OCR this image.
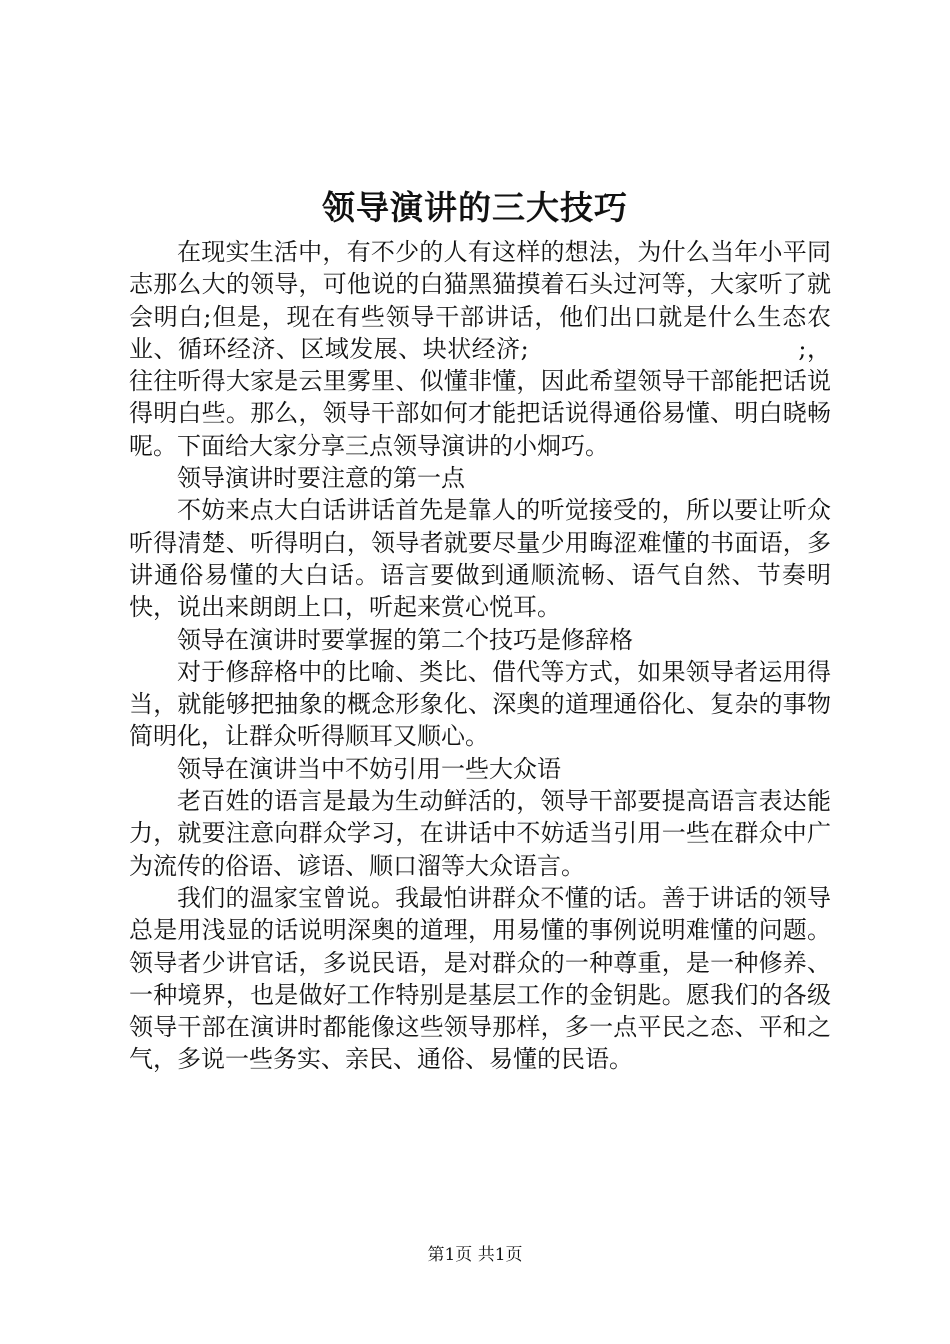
领导演讲的三大技巧

在现实生活中，有不少的人有这样的想法，为什么当年小平同志那么大的领导，可他说的白猫黑猫摸着石头过河等，大家听了就会明白;但是，现在有些领导干部讲话，他们出口就是什么生态农业、循环经济、区域发展、块状经济;　　　　　　　　　　　;，往往听得大家是云里雾里、似懂非懂，因此希望领导干部能把话说得明白些。那么，领导干部如何才能把话说得通俗易懂、明白晓畅呢。下面给大家分享三点领导演讲的小炯巧。

领导演讲时要注意的第一点

不妨来点大白话讲话首先是靠人的听觉接受的，所以要让听众听得清楚、听得明白，领导者就要尽量少用晦涩难懂的书面语，多讲通俗易懂的大白话。语言要做到通顺流畅、语气自然、节奏明快，说出来朗朗上口，听起来赏心悦耳。

领导在演讲时要掌握的第二个技巧是修辞格

对于修辞格中的比喻、类比、借代等方式，如果领导者运用得当，就能够把抽象的概念形象化、深奥的道理通俗化、复杂的事物简明化，让群众听得顺耳又顺心。

领导在演讲当中不妨引用一些大众语

老百姓的语言是最为生动鲜活的，领导干部要提高语言表达能力，就要注意向群众学习，在讲话中不妨适当引用一些在群众中广为流传的俗语、谚语、顺口溜等大众语言。

我们的温家宝曾说。我最怕讲群众不懂的话。善于讲话的领导总是用浅显的话说明深奥的道理，用易懂的事例说明难懂的问题。领导者少讲官话，多说民语，是对群众的一种尊重，是一种修养、一种境界，也是做好工作特别是基层工作的金钥匙。愿我们的各级领导干部在演讲时都能像这些领导那样，多一点平民之态、平和之气，多说一些务实、亲民、通俗、易懂的民语。

第1页 共1页
